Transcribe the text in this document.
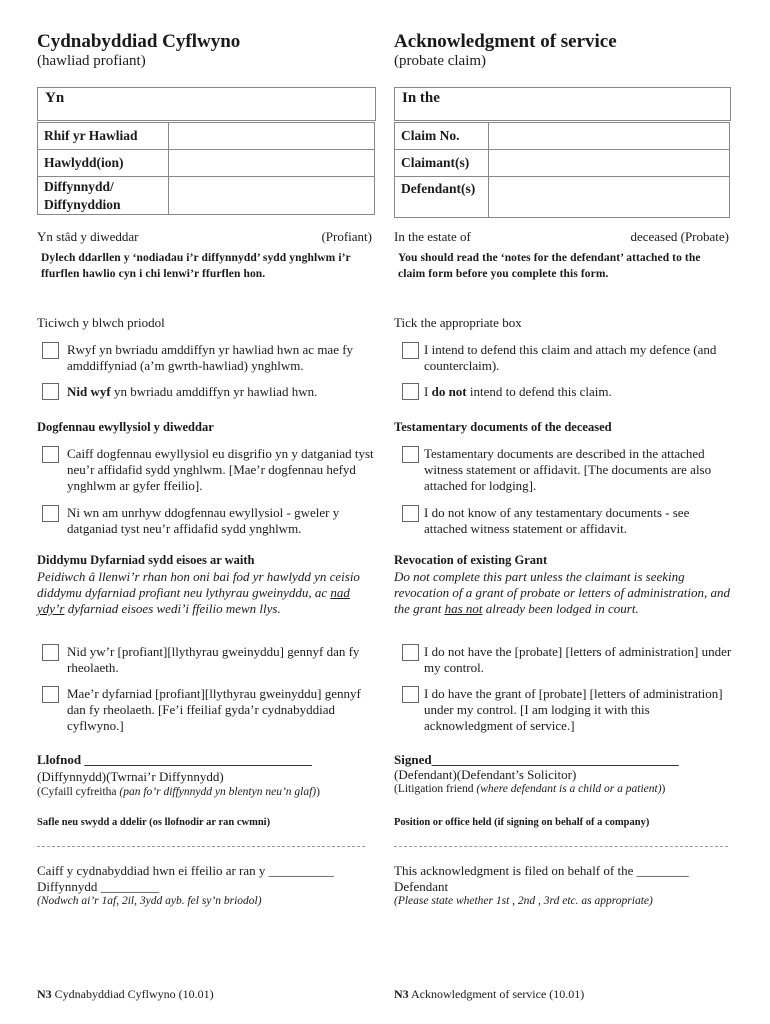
Cydnabyddiad Cyflwyno
(hawliad profiant)
Yn
Rhif yr Hawliad	
Hawlydd(ion)	
Diffynnydd/
Diffynyddion	
Yn stâd y diweddar	(Profiant)
Dylech ddarllen y ‘nodiadau i’r diffynnydd’ sydd ynghlwm i’r ffurflen hawlio cyn i chi lenwi’r ffurflen hon.
Ticiwch y blwch priodol
Rwyf yn bwriadu amddiffyn yr hawliad hwn ac mae fy amddiffyniad (a’m gwrth-hawliad) ynghlwm.
Nid wyf yn bwriadu amddiffyn yr hawliad hwn.
Dogfennau ewyllysiol y diweddar
Caiff dogfennau ewyllysiol eu disgrifio yn y datganiad tyst neu’r affidafid sydd ynghlwm. [Mae’r dogfennau hefyd ynghlwm ar gyfer ffeilio].
Ni wn am unrhyw ddogfennau ewyllysiol - gweler y datganiad tyst neu’r affidafid sydd ynghlwm.
Diddymu Dyfarniad sydd eisoes ar waith
Peidiwch â llenwi’r rhan hon oni bai fod yr hawlydd yn ceisio diddymu dyfarniad profiant neu lythyrau gweinyddu, ac nad ydy’r dyfarniad eisoes wedi’i ffeilio mewn llys.
Nid yw’r [profiant][llythyrau gweinyddu] gennyf dan fy rheolaeth.
Mae’r dyfarniad [profiant][llythyrau gweinyddu] gennyf dan fy rheolaeth. [Fe’i ffeiliaf gyda’r cydnabyddiad cyflwyno.]
Llofnod ___________________________________
(Diffynnydd)(Twrnai’r Diffynnydd)
(Cyfaill cyfreitha (pan fo’r diffynnydd yn blentyn neu’n glaf))
Safle neu swydd a ddelir (os llofnodir ar ran cwmni)
Caiff y cydnabyddiad hwn ei ffeilio ar ran y __________
Diffynnydd _________
(Nodwch ai’r 1af, 2il, 3ydd ayb. fel sy’n briodol)
N3 Cydnabyddiad Cyflwyno (10.01)
Acknowledgment of service
(probate claim)
In the
Claim No.	
Claimant(s)	
Defendant(s)	
In the estate of	deceased (Probate)
You should read the ‘notes for the defendant’ attached to the claim form before you complete this form.
Tick the appropriate box
I intend to defend this claim and attach my defence (and counterclaim).
I do not intend to defend this claim.
Testamentary documents of the deceased
Testamentary documents are described in the attached witness statement or affidavit. [The documents are also attached for lodging].
I do not know of any testamentary documents - see attached witness statement or affidavit.
Revocation of existing Grant
Do not complete this part unless the claimant is seeking revocation of a grant of probate or letters of administration, and the grant has not already been lodged in court.
I do not have the [probate] [letters of administration] under my control.
I do have the grant of [probate] [letters of administration] under my control. [I am lodging it with this acknowledgment of service.]
Signed______________________________________
(Defendant)(Defendant’s Solicitor)
(Litigation friend (where defendant is a child or a patient))
Position or office held (if signing on behalf of a company)
This acknowledgment is filed on behalf of the ________
Defendant
(Please state whether 1st , 2nd , 3rd etc. as appropriate)
N3 Acknowledgment of service (10.01)
